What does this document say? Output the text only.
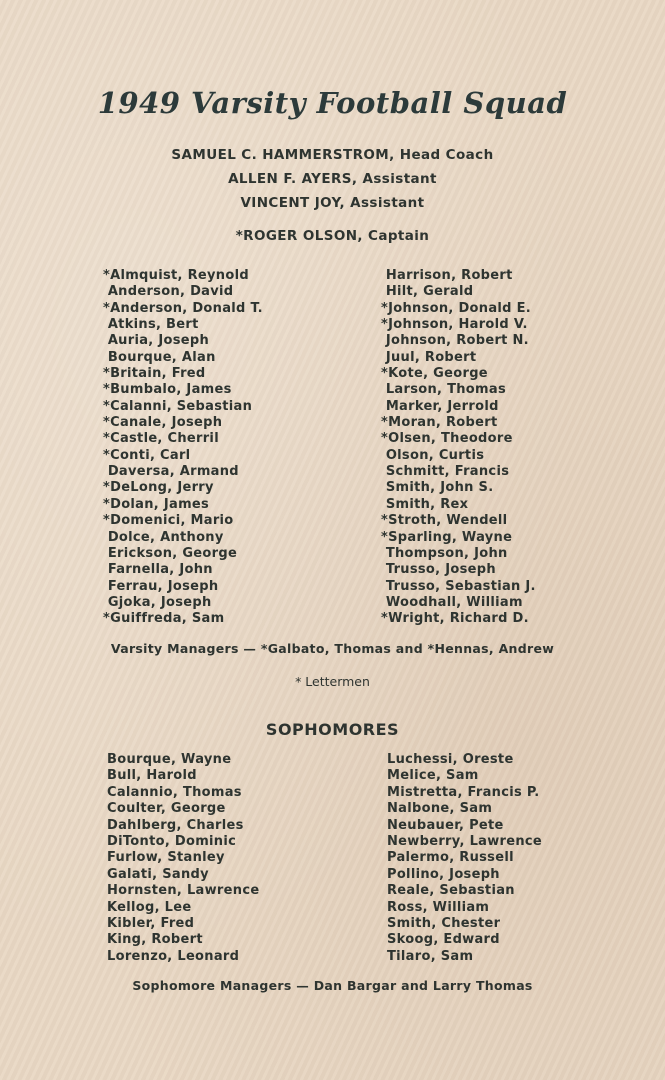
1949 Varsity Football Squad
SAMUEL C. HAMMERSTROM, Head Coach
ALLEN F. AYERS, Assistant
VINCENT JOY, Assistant
*ROGER OLSON, Captain
*Almquist, Reynold
Anderson, David
*Anderson, Donald T.
Atkins, Bert
Auria, Joseph
Bourque, Alan
*Britain, Fred
*Bumbalo, James
*Calanni, Sebastian
*Canale, Joseph
*Castle, Cherril
*Conti, Carl
Daversa, Armand
*DeLong, Jerry
*Dolan, James
*Domenici, Mario
Dolce, Anthony
Erickson, George
Farnella, John
Ferrau, Joseph
Gjoka, Joseph
*Guiffreda, Sam
Harrison, Robert
Hilt, Gerald
*Johnson, Donald E.
*Johnson, Harold V.
Johnson, Robert N.
Juul, Robert
*Kote, George
Larson, Thomas
Marker, Jerrold
*Moran, Robert
*Olsen, Theodore
Olson, Curtis
Schmitt, Francis
Smith, John S.
Smith, Rex
*Stroth, Wendell
*Sparling, Wayne
Thompson, John
Trusso, Joseph
Trusso, Sebastian J.
Woodhall, William
*Wright, Richard D.
Varsity Managers — *Galbato, Thomas and *Hennas, Andrew
* Lettermen
SOPHOMORES
Bourque, Wayne
Bull, Harold
Calannio, Thomas
Coulter, George
Dahlberg, Charles
DiTonto, Dominic
Furlow, Stanley
Galati, Sandy
Hornsten, Lawrence
Kellog, Lee
Kibler, Fred
King, Robert
Lorenzo, Leonard
Luchessi, Oreste
Melice, Sam
Mistretta, Francis P.
Nalbone, Sam
Neubauer, Pete
Newberry, Lawrence
Palermo, Russell
Pollino, Joseph
Reale, Sebastian
Ross, William
Smith, Chester
Skoog, Edward
Tilaro, Sam
Sophomore Managers — Dan Bargar and Larry Thomas
